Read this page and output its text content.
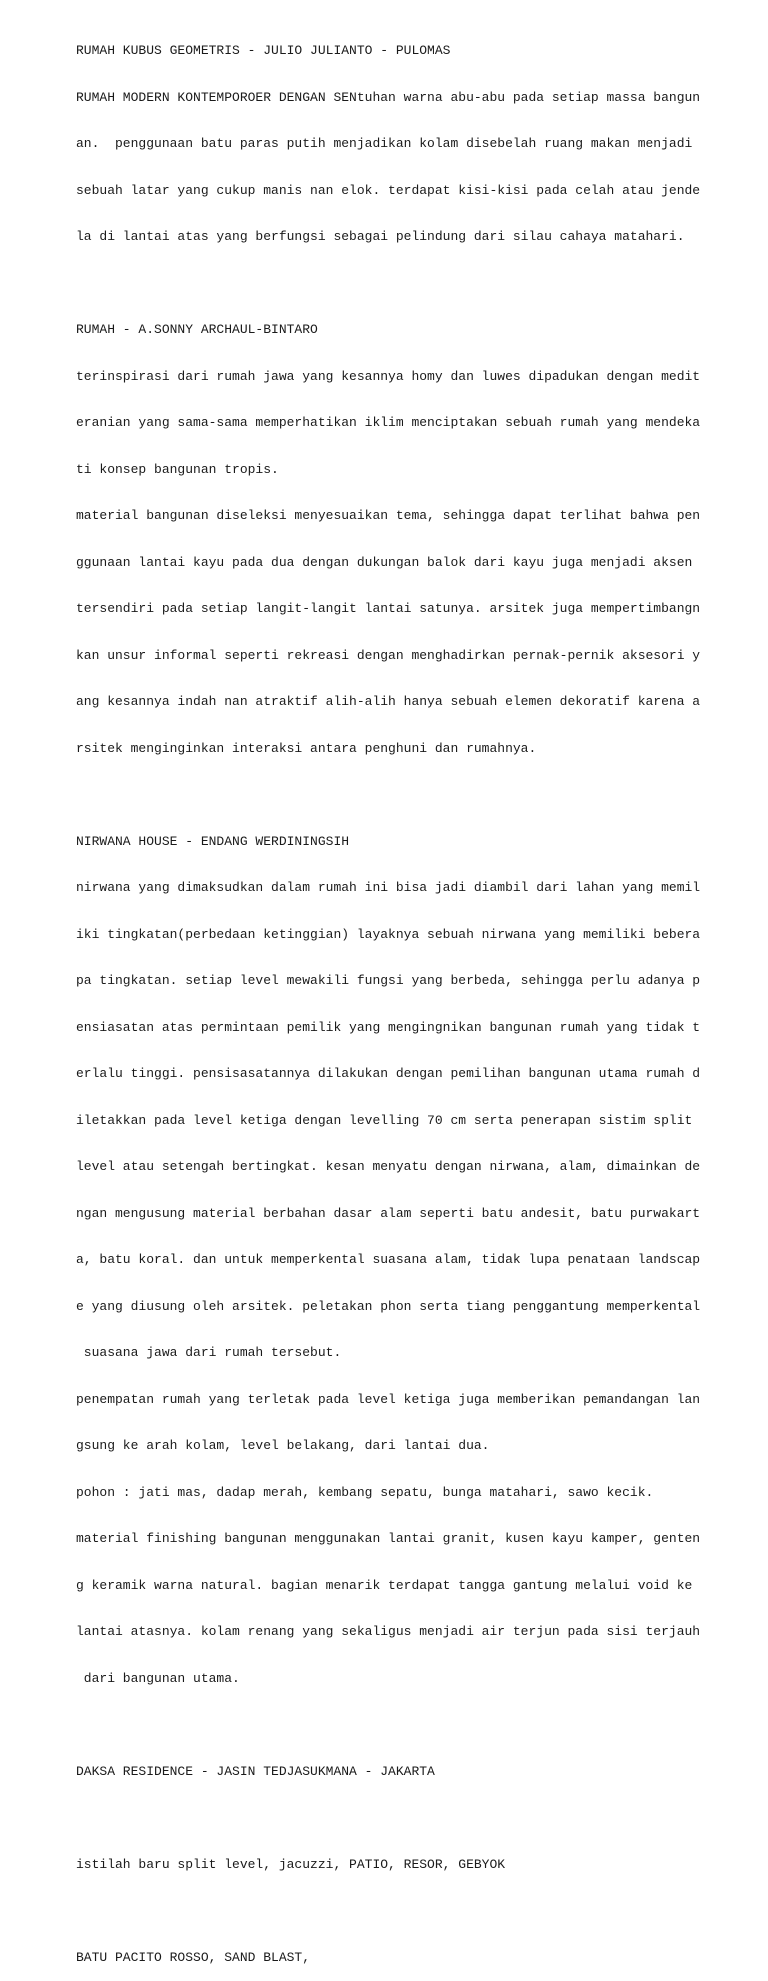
RUMAH KUBUS GEOMETRIS - JULIO JULIANTO - PULOMAS

RUMAH MODERN KONTEMPOROER DENGAN SENtuhan warna abu-abu pada setiap massa bangun

an.  penggunaan batu paras putih menjadikan kolam disebelah ruang makan menjadi

sebuah latar yang cukup manis nan elok. terdapat kisi-kisi pada celah atau jende

la di lantai atas yang berfungsi sebagai pelindung dari silau cahaya matahari.

RUMAH - A.SONNY ARCHAUL-BINTARO

terinspirasi dari rumah jawa yang kesannya homy dan luwes dipadukan dengan medit

eranian yang sama-sama memperhatikan iklim menciptakan sebuah rumah yang mendeka

ti konsep bangunan tropis.

material bangunan diseleksi menyesuaikan tema, sehingga dapat terlihat bahwa pen

ggunaan lantai kayu pada dua dengan dukungan balok dari kayu juga menjadi aksen

tersendiri pada setiap langit-langit lantai satunya. arsitek juga mempertimbangn

kan unsur informal seperti rekreasi dengan menghadirkan pernak-pernik aksesori y

ang kesannya indah nan atraktif alih-alih hanya sebuah elemen dekoratif karena a

rsitek menginginkan interaksi antara penghuni dan rumahnya.

NIRWANA HOUSE - ENDANG WERDININGSIH

nirwana yang dimaksudkan dalam rumah ini bisa jadi diambil dari lahan yang memil

iki tingkatan(perbedaan ketinggian) layaknya sebuah nirwana yang memiliki bebera

pa tingkatan. setiap level mewakili fungsi yang berbeda, sehingga perlu adanya p

ensiasatan atas permintaan pemilik yang mengingnikan bangunan rumah yang tidak t

erlalu tinggi. pensisasatannya dilakukan dengan pemilihan bangunan utama rumah d

iletakkan pada level ketiga dengan levelling 70 cm serta penerapan sistim split

level atau setengah bertingkat. kesan menyatu dengan nirwana, alam, dimainkan de

ngan mengusung material berbahan dasar alam seperti batu andesit, batu purwakart

a, batu koral. dan untuk memperkental suasana alam, tidak lupa penataan landscap

e yang diusung oleh arsitek. peletakan phon serta tiang penggantung memperkental

suasana jawa dari rumah tersebut.

penempatan rumah yang terletak pada level ketiga juga memberikan pemandangan lan

gsung ke arah kolam, level belakang, dari lantai dua.

pohon : jati mas, dadap merah, kembang sepatu, bunga matahari, sawo kecik.

material finishing bangunan menggunakan lantai granit, kusen kayu kamper, genten

g keramik warna natural. bagian menarik terdapat tangga gantung melalui void ke

lantai atasnya. kolam renang yang sekaligus menjadi air terjun pada sisi terjauh

dari bangunan utama.

DAKSA RESIDENCE - JASIN TEDJASUKMANA - JAKARTA

istilah baru split level, jacuzzi, PATIO, RESOR, GEBYOK

BATU PACITO ROSSO, SAND BLAST,
